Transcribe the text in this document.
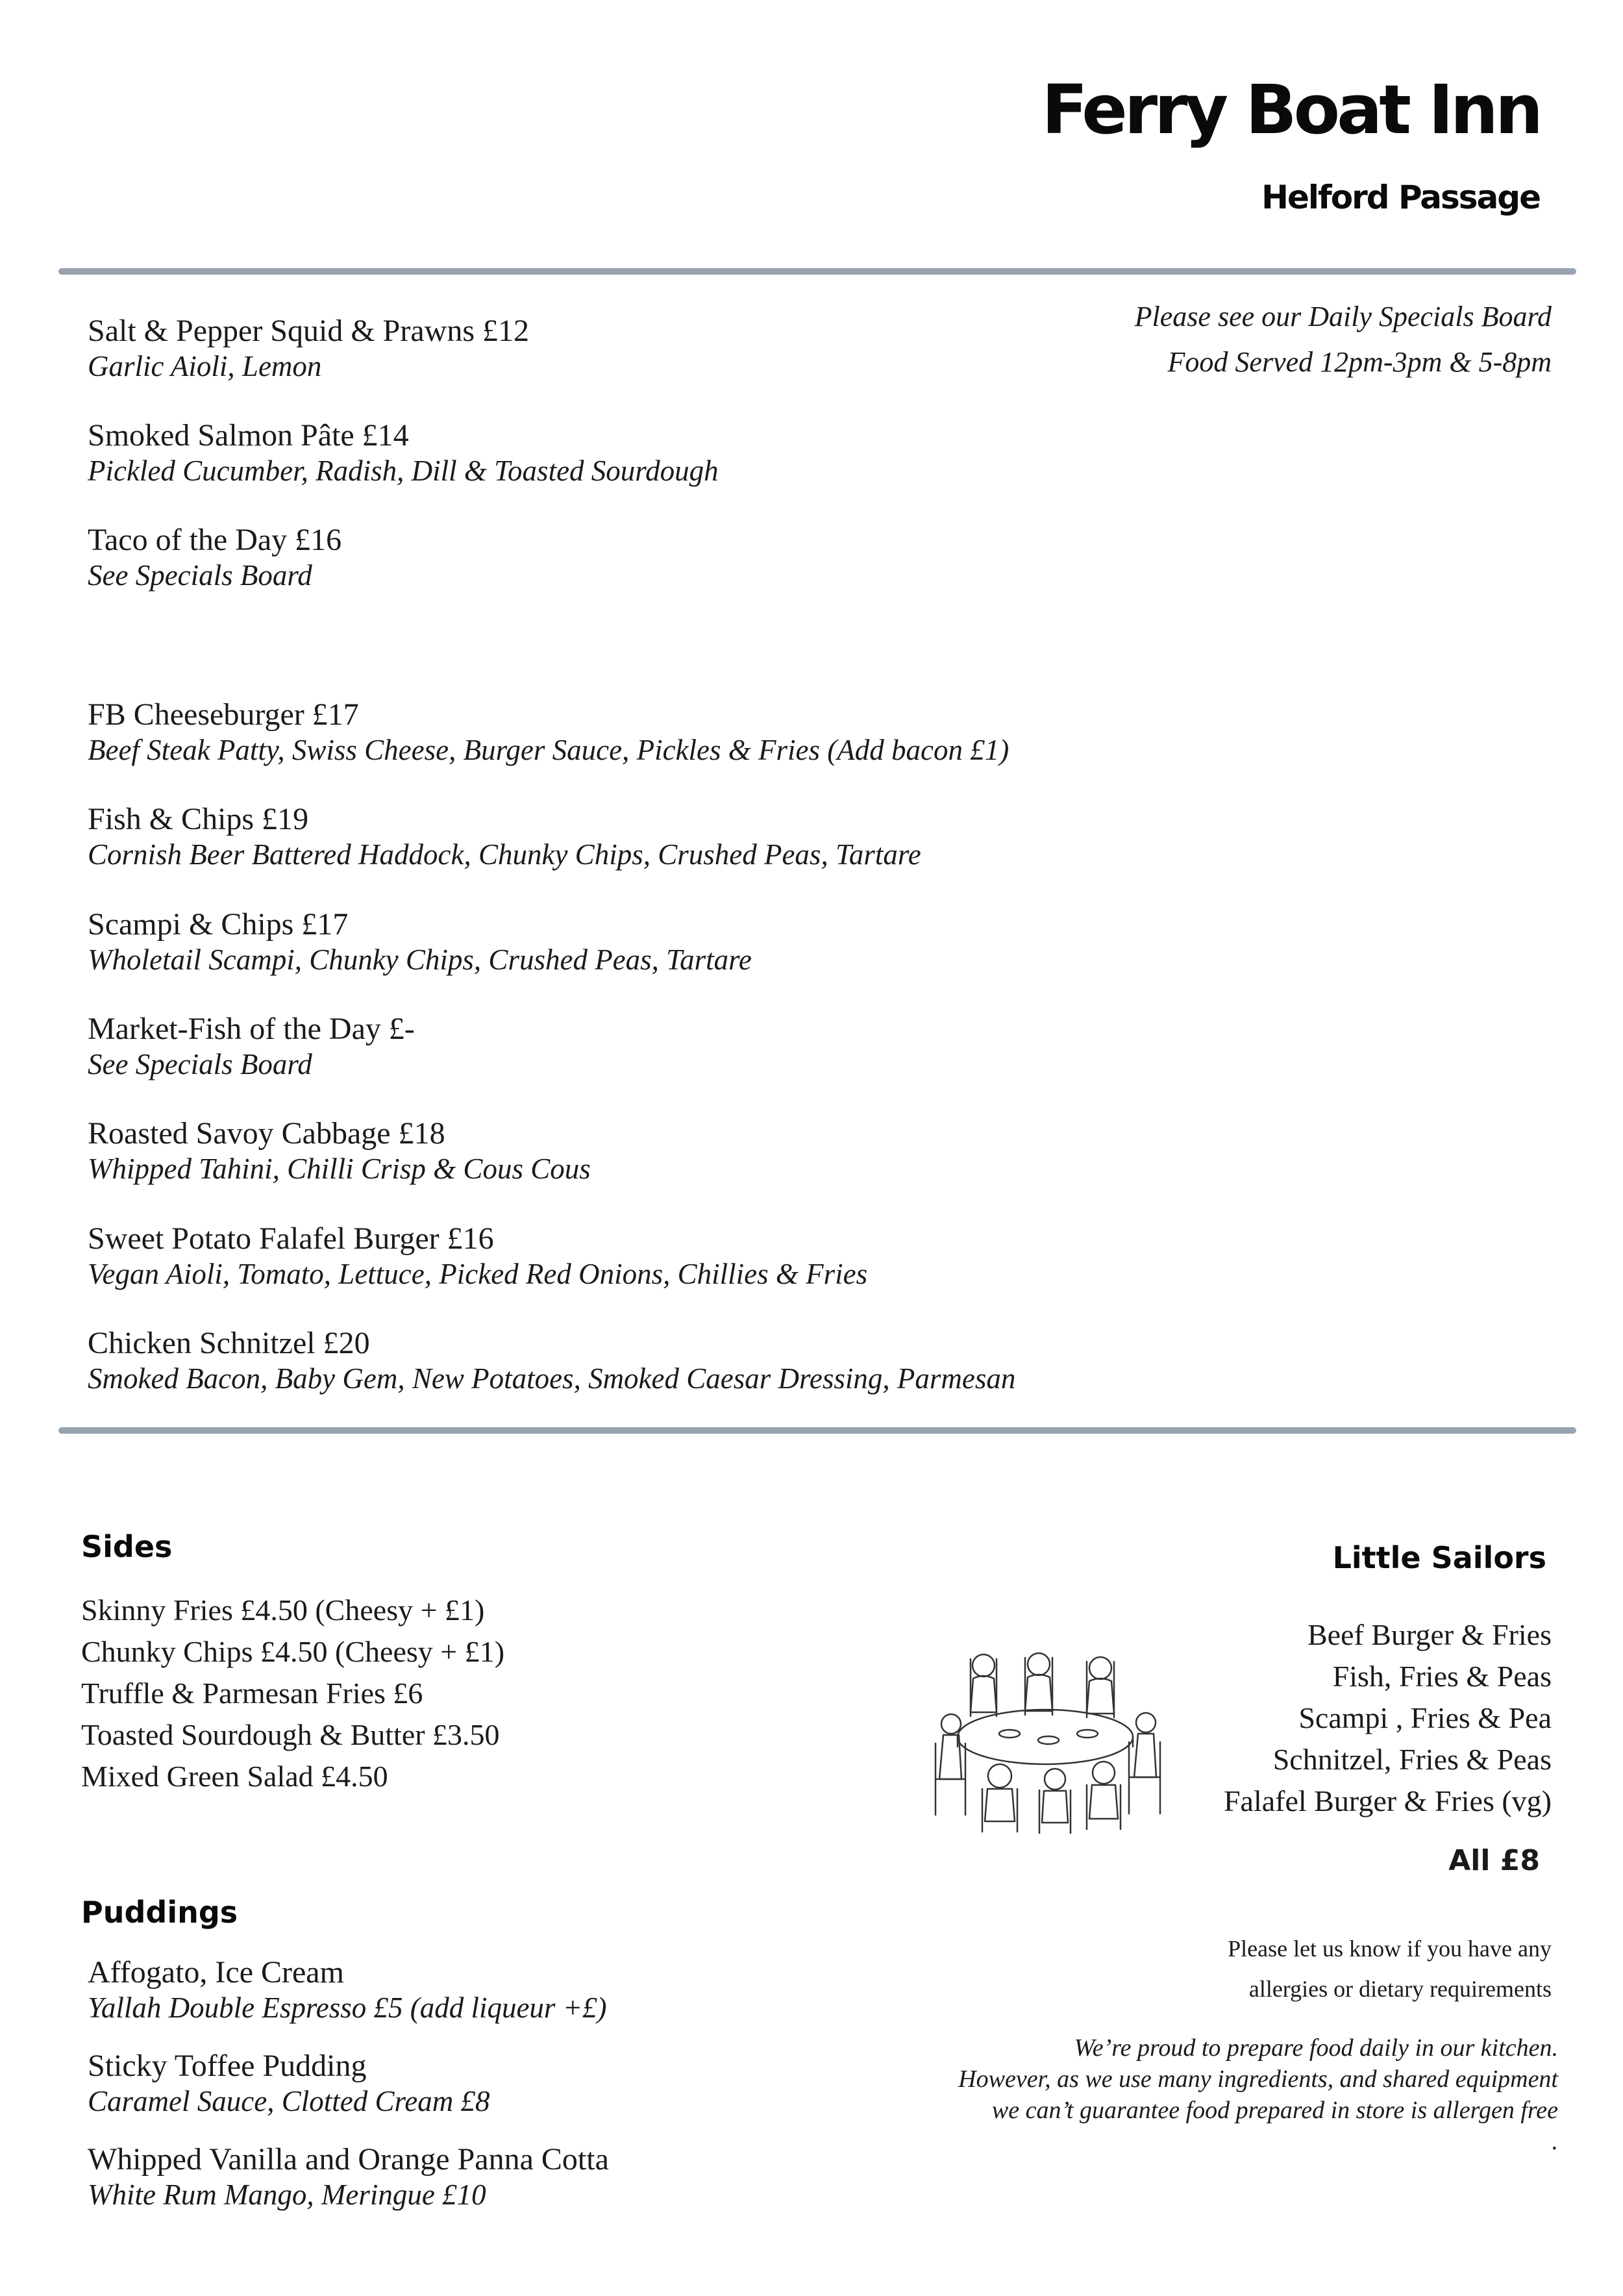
Ferry Boat Inn
Helford Passage
Please see our Daily Specials Board
Food Served 12pm-3pm & 5-8pm
Salt & Pepper Squid & Prawns £12
Garlic Aioli, Lemon
Smoked Salmon Pâte £14
Pickled Cucumber, Radish, Dill & Toasted Sourdough
Taco of the Day £16
See Specials Board
FB Cheeseburger £17
Beef Steak Patty, Swiss Cheese, Burger Sauce, Pickles & Fries (Add bacon £1)
Fish & Chips £19
Cornish Beer Battered Haddock, Chunky Chips, Crushed Peas, Tartare
Scampi & Chips £17
Wholetail Scampi, Chunky Chips, Crushed Peas, Tartare
Market-Fish of the Day £-
See Specials Board
Roasted Savoy Cabbage £18
Whipped Tahini, Chilli Crisp & Cous Cous
Sweet Potato Falafel Burger £16
Vegan Aioli, Tomato, Lettuce, Picked Red Onions, Chillies & Fries
Chicken Schnitzel £20
Smoked Bacon, Baby Gem, New Potatoes, Smoked Caesar Dressing, Parmesan
Sides
Skinny Fries £4.50 (Cheesy + £1)
Chunky Chips £4.50 (Cheesy + £1)
Truffle & Parmesan Fries £6
Toasted Sourdough & Butter £3.50
Mixed Green Salad £4.50
Puddings
Affogato, Ice Cream
Yallah Double Espresso £5 (add liqueur +£)
Sticky Toffee Pudding
Caramel Sauce, Clotted Cream £8
Whipped Vanilla and Orange Panna Cotta
White Rum Mango, Meringue £10
Little Sailors
Beef Burger & Fries
Fish, Fries & Peas
Scampi , Fries & Pea
Schnitzel, Fries & Peas
Falafel Burger & Fries (vg)
All £8
Please let us know if you have any
allergies or dietary requirements
We’re proud to prepare food daily in our kitchen.
However, as we use many ingredients, and shared equipment
we can’t guarantee food prepared in store is allergen free
.
